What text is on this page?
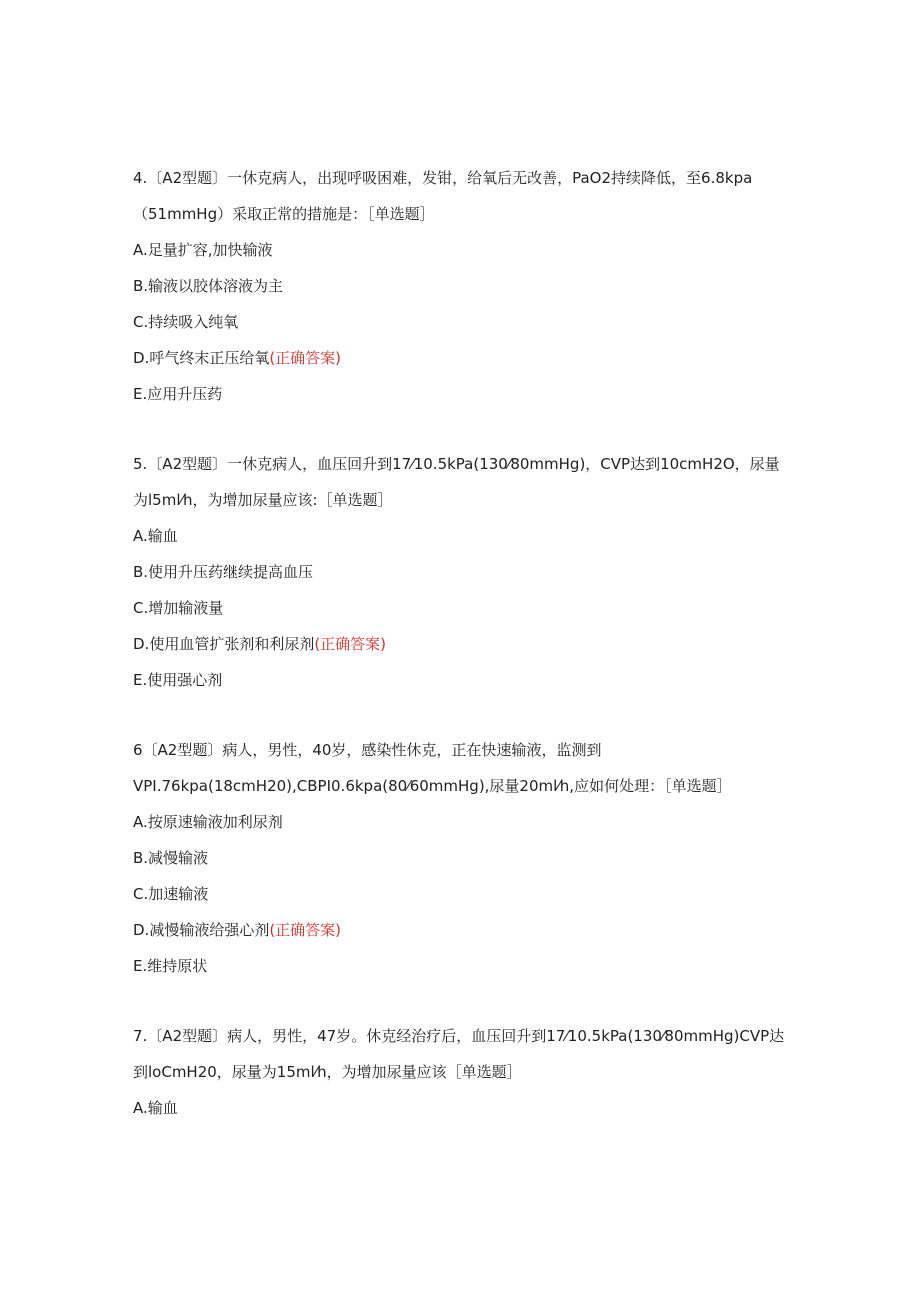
4.〔A2型题〕一休克病人，出现呼吸困难，发钳，给氧后无改善，PaO2持续降低，至6.8kpa（51mmHg）采取正常的措施是：［单选题］

A.足量扩容,加快输液
B.输液以胶体溶液为主
C.持续吸入纯氧
D.呼气终末正压给氧(正确答案)
E.应用升压药

5.〔A2型题〕一休克病人，血压回升到17⁄10.5kPa(130⁄80mmHg)，CVP达到10cmH2O，尿量为l5ml⁄h，为增加尿量应该:［单选题］

A.输血
B.使用升压药继续提高血压
C.增加输液量
D.使用血管扩张剂和利尿剂(正确答案)
E.使用强心剂

6〔A2型题〕病人，男性，40岁，感染性休克，正在快速输液，监测到VPI.76kpa(18cmH20),CBPI0.6kpa(80⁄60mmHg),尿量20ml⁄h,应如何处理：［单选题］

A.按原速输液加利尿剂
B.减慢输液
C.加速输液
D.减慢输液给强心剂(正确答案)
E.维持原状

7.〔A2型题〕病人，男性，47岁。休克经治疗后，血压回升到17⁄10.5kPa(130⁄80mmHg)CVP达到loCmH20，尿量为15ml⁄h，为增加尿量应该［单选题］

A.输血
